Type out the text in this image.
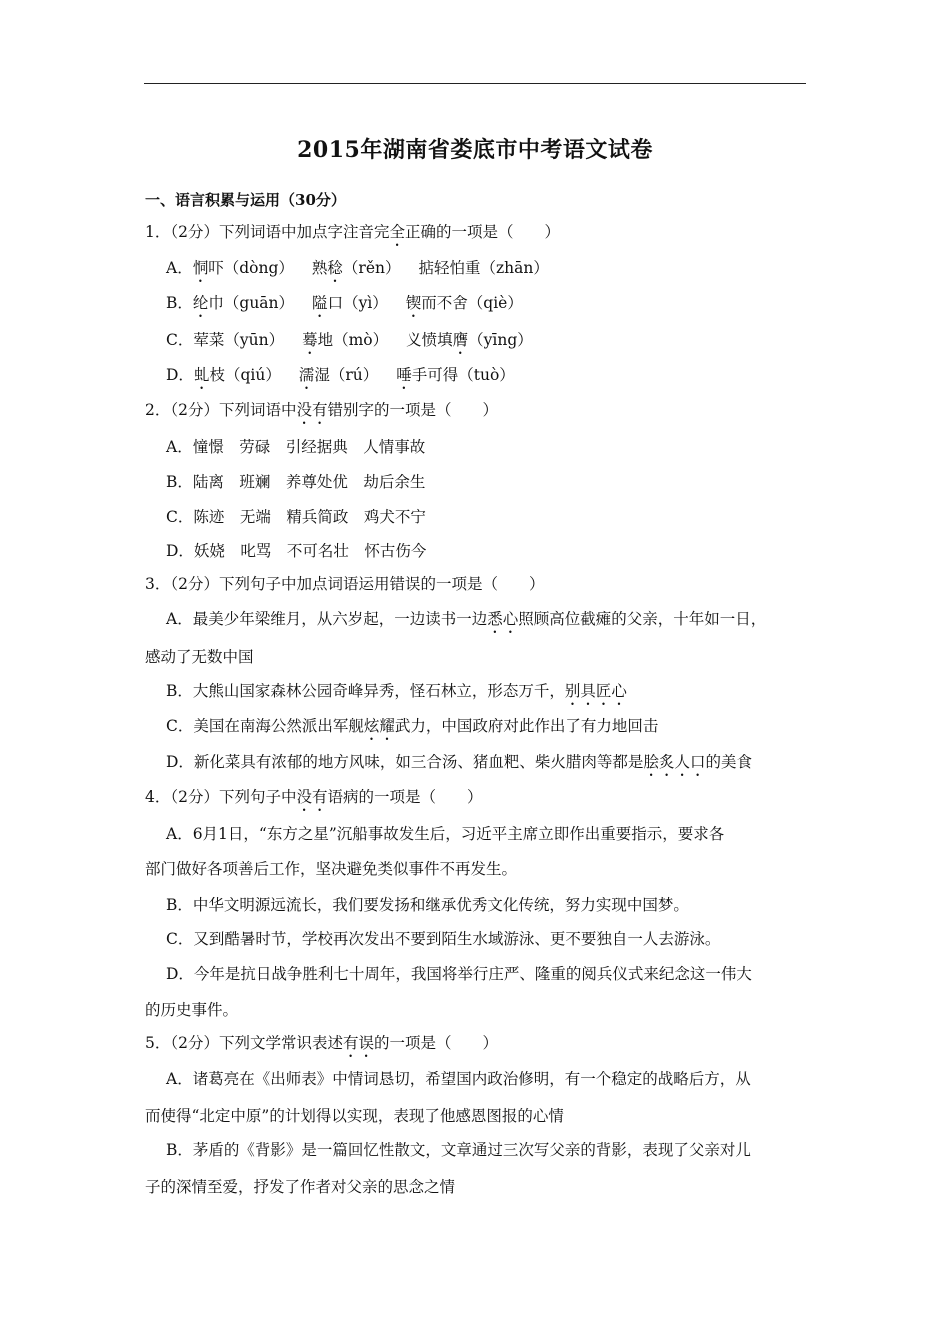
2015年湖南省娄底市中考语文试卷
一、语言积累与运用（30分）
1．（2分）下列词语中加点字注音完全正确的一项是（　　）
A．恫吓（dòng） 熟稔（rěn） 掂轻怕重（zhān）
B．纶巾（guān） 隘口（yì） 锲而不舍（qiè）
C．荤菜（yūn） 蓦地（mò） 义愤填膺（yīng）
D．虬枝（qiú） 濡湿（rú） 唾手可得（tuò）
2．（2分）下列词语中没有错别字的一项是（　　）
A．憧憬　劳碌　引经据典　人情事故
B．陆离　班斓　养尊处优　劫后余生
C．陈迹　无端　精兵简政　鸡犬不宁
D．妖娆　叱骂　不可名壮　怀古伤今
3．（2分）下列句子中加点词语运用错误的一项是（　　）
A．最美少年梁维月，从六岁起，一边读书一边悉心照顾高位截瘫的父亲，十年如一日，
感动了无数中国
B．大熊山国家森林公园奇峰异秀，怪石林立，形态万千，别具匠心
C．美国在南海公然派出军舰炫耀武力，中国政府对此作出了有力地回击
D．新化菜具有浓郁的地方风味，如三合汤、猪血粑、柴火腊肉等都是脍炙人口的美食
4．（2分）下列句子中没有语病的一项是（　　）
A．6月1日，“东方之星”沉船事故发生后，习近平主席立即作出重要指示，要求各
部门做好各项善后工作，坚决避免类似事件不再发生。
B．中华文明源远流长，我们要发扬和继承优秀文化传统，努力实现中国梦。
C．又到酷暑时节，学校再次发出不要到陌生水域游泳、更不要独自一人去游泳。
D．今年是抗日战争胜利七十周年，我国将举行庄严、隆重的阅兵仪式来纪念这一伟大
的历史事件。
5．（2分）下列文学常识表述有误的一项是（　　）
A．诸葛亮在《出师表》中情词恳切，希望国内政治修明，有一个稳定的战略后方，从
而使得“北定中原”的计划得以实现，表现了他感恩图报的心情
B．茅盾的《背影》是一篇回忆性散文，文章通过三次写父亲的背影，表现了父亲对儿
子的深情至爱，抒发了作者对父亲的思念之情
